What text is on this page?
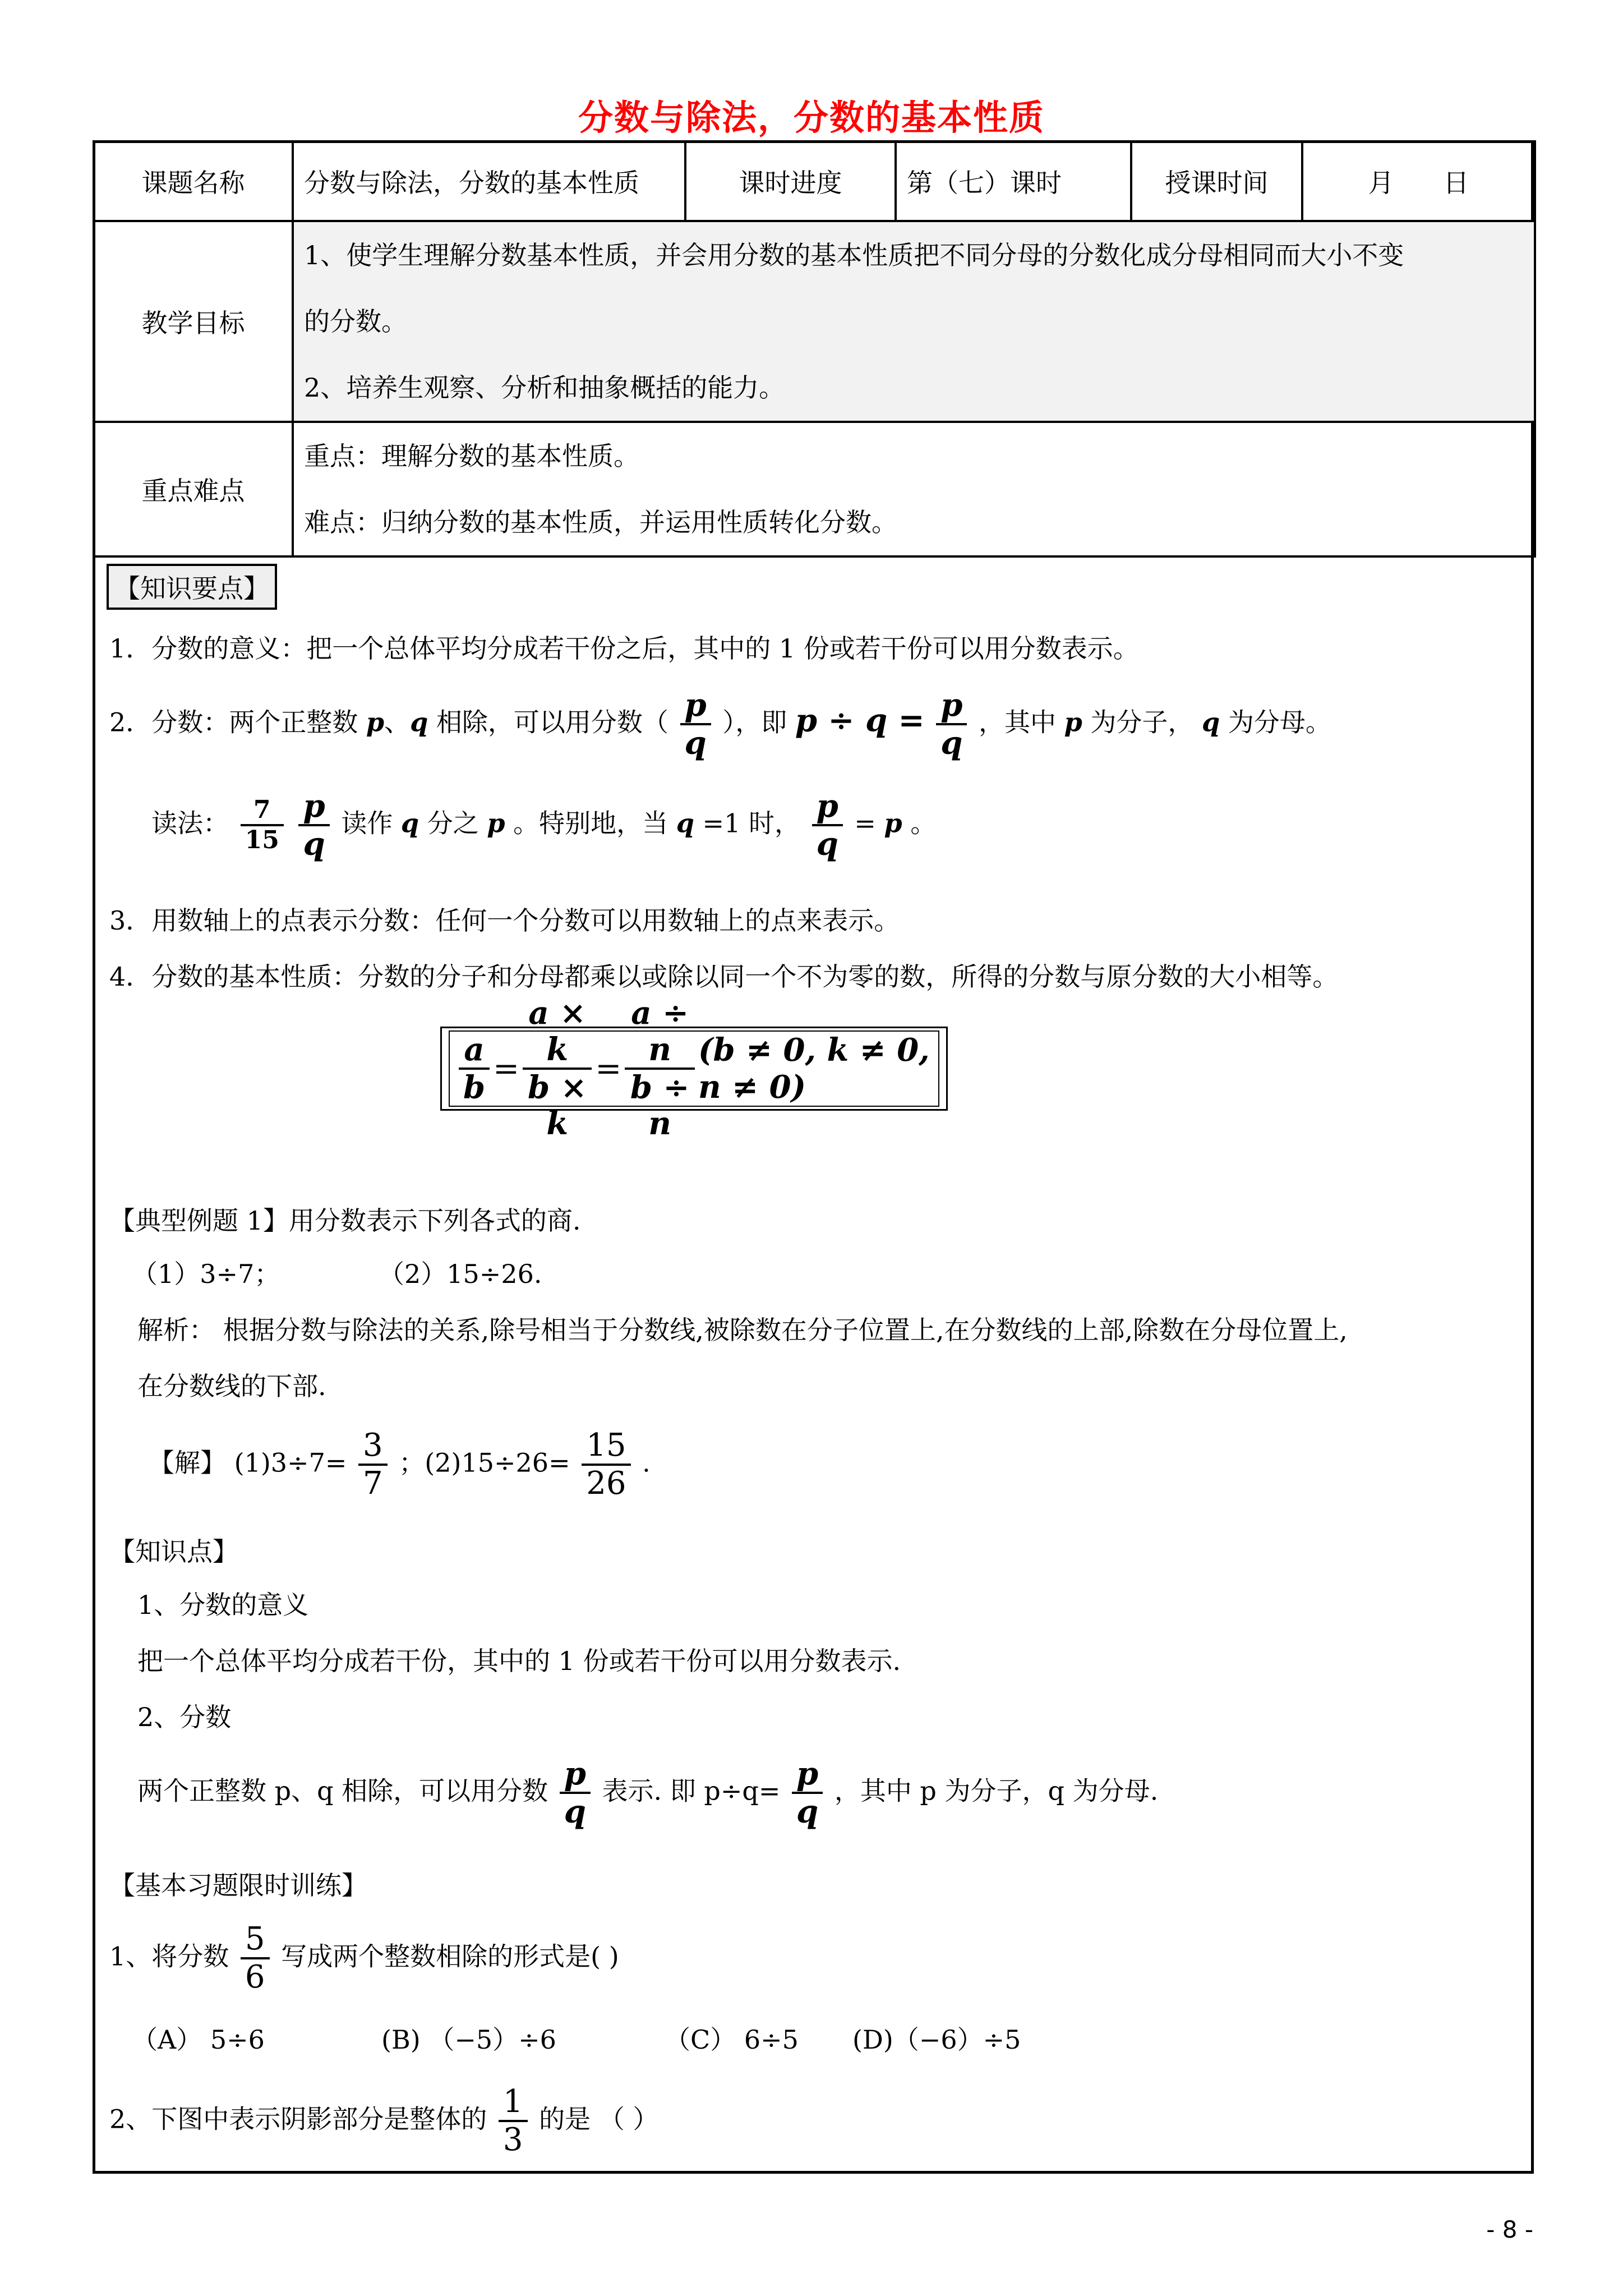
分数与除法，分数的基本性质
课题名称	分数与除法，分数的基本性质	课时进度	第（七）课时	授课时间	月 日
教学目标	1、使学生理解分数基本性质，并会用分数的基本性质把不同分母的分数化成分母相同而大小不变
的分数。
2、培养生观察、分析和抽象概括的能力。				

重点难点	重点：理解分数的基本性质。
难点：归纳分数的基本性质，并运用性质转化分数。				
【知识要点】
1．分数的意义：把一个总体平均分成若干份之后，其中的 1 份或若干份可以用分数表示。
2．分数：两个正整数 p、q 相除，可以用分数（ $\frac{p}{q}$ ），即 $p \div q = \frac{p}{q}$ ，其中 p 为分子， q 为分母。
读法： $\frac{7}{15}$
$\frac{p}{q}$ 读作 q 分之 p 。特别地，当 q =1 时， $\frac{p}{q} = p$ 。
3．用数轴上的点表示分数：任何一个分数可以用数轴上的点来表示。
4．分数的基本性质：分数的分子和分母都乘以或除以同一个不为零的数，所得的分数与原分数的大小相等。
$\frac{a}{b} = \frac{a \times k}{b \times k} = \frac{a \div n}{b \div n} (b \ne 0$, k ≠ 0, n ≠ 0)
【典型例题 1】用分数表示下列各式的商.
（1）3÷7；	（2）15÷26.
解析： 根据分数与除法的关系,除号相当于分数线,被除数在分子位置上,在分数线的上部,除数在分母位置上,
在分数线的下部.
【解】 $(1)3\div 7= \frac{3}{7}$ ；$(2)15\div 26= \frac{15}{26}$ .
【知识点】
1、分数的意义
把一个总体平均分成若干份，其中的 1 份或若干份可以用分数表示.
2、分数
两个正整数 p、q 相除，可以用分数 $\frac{p}{q}$ 表示. 即 $p\div q= \frac{p}{q}$ ，其中 p 为分子，q 为分母.
【基本习题限时训练】
1、将分数 $\frac{5}{6}$ 写成两个整数相除的形式是( )
（A） 5÷6	(B) （−5）÷6	（C） 6÷5 (D)（−6）÷5
2、下图中表示阴影部分是整体的 $\frac{1}{3}$ 的是 （ ）
- 8 -
